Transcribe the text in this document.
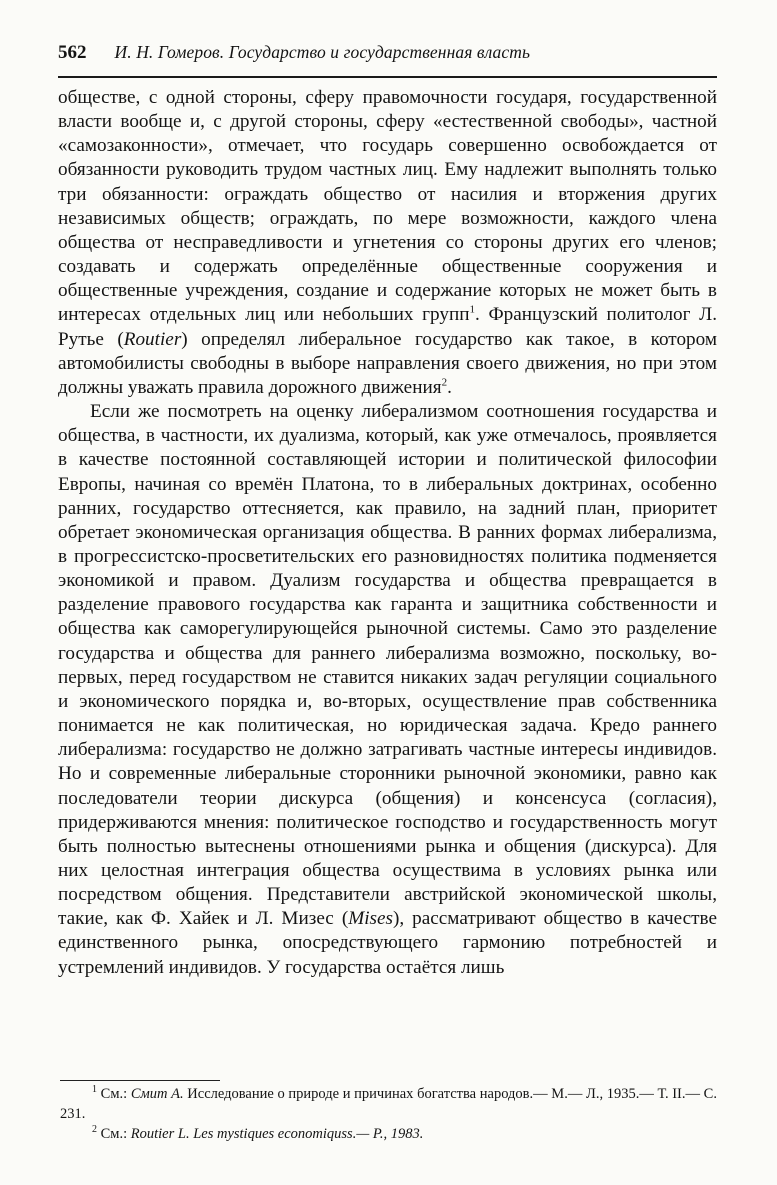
562 И. Н. Гомеров. Государство и государственная власть

обществе, с одной стороны, сферу правомочности государя, государственной власти вообще и, с другой стороны, сферу «естественной свободы», частной «самозаконности», отмечает, что государь совершенно освобождается от обязанности руководить трудом частных лиц. Ему надлежит выполнять только три обязанности: ограждать общество от насилия и вторжения других независимых обществ; ограждать, по мере возможности, каждого члена общества от несправедливости и угнетения со стороны других его членов; создавать и содержать определённые общественные сооружения и общественные учреждения, создание и содержание которых не может быть в интересах отдельных лиц или небольших групп$^1$. Французский политолог Л. Рутье (Routier) определял либеральное государство как такое, в котором автомобилисты свободны в выборе направления своего движения, но при этом должны уважать правила дорожного движения$^2$.

Если же посмотреть на оценку либерализмом соотношения государства и общества, в частности, их дуализма, который, как уже отмечалось, проявляется в качестве постоянной составляющей истории и политической философии Европы, начиная со времён Платона, то в либеральных доктринах, особенно ранних, государство оттесняется, как правило, на задний план, приоритет обретает экономическая организация общества. В ранних формах либерализма, в прогрессистско-просветительских его разновидностях политика подменяется экономикой и правом. Дуализм государства и общества превращается в разделение правового государства как гаранта и защитника собственности и общества как саморегулирующейся рыночной системы. Само это разделение государства и общества для раннего либерализма возможно, поскольку, во-первых, перед государством не ставится никаких задач регуляции социального и экономического порядка и, во-вторых, осуществление прав собственника понимается не как политическая, но юридическая задача. Кредо раннего либерализма: государство не должно затрагивать частные интересы индивидов. Но и современные либеральные сторонники рыночной экономики, равно как последователи теории дискурса (общения) и консенсуса (согласия), придерживаются мнения: политическое господство и государственность могут быть полностью вытеснены отношениями рынка и общения (дискурса). Для них целостная интеграция общества осуществима в условиях рынка или посредством общения. Представители австрийской экономической школы, такие, как Ф. Хайек и Л. Мизес (Mises), рассматривают общество в качестве единственного рынка, опосредствующего гармонию потребностей и устремлений индивидов. У государства остаётся лишь

$^1$ См.: Смит А. Исследование о природе и причинах богатства народов.— М.— Л., 1935.— Т. II.— С. 231.

$^2$ См.: Routier L. Les mystiques economiquss.— P., 1983.
